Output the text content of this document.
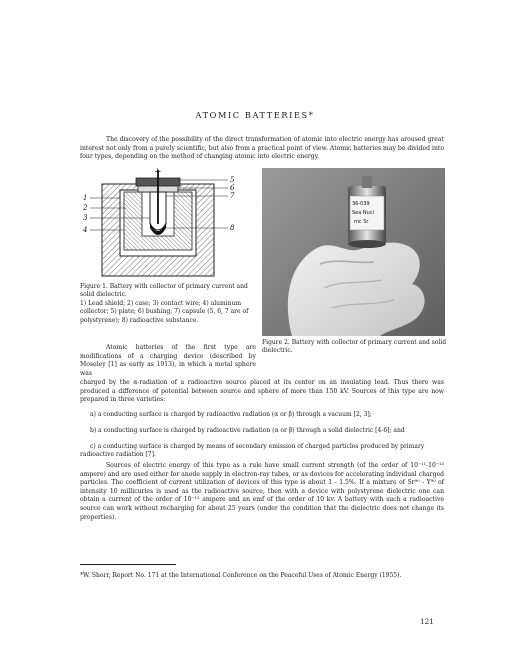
ATOMIC BATTERIES*
The discovery of the possibility of the direct transformation of atomic into electric energy has aroused great interest not only from a purely scientific, but also from a practical point of view. Atomic batteries may be divided into four types, depending on the method of changing atomic into electric energy.
+
1
2
3
4
5
6
7
8
Figure 1. Battery with collector of primary current and solid dielectric.
1) Lead shield; 2) case; 3) contact wire; 4) aluminum collector; 5) plate; 6) bushing; 7) capsule (5, 6, 7 are of polystyrene); 8) radioactive substance.
36-039
Sea Nucl
mc Sr
Figure 2. Battery with collector of primary current and solid dielectric.
Atomic batteries of the first type are modifications of a charging device (described by Moseley [1] as early as 1913), in which a metal sphere was
charged by the α-radiation of a radioactive source placed at its center on an insulating lead. Thus there was produced a difference of potential between source and sphere of more than 150 kV. Sources of this type are now prepared in three varieties:
a) a conducting surface is charged by radioactive radiation (α or β) through a vacuum [2, 3];
b) a conducting surface is charged by radioactive radiation (α or β) through a solid dielectric [4-6]; and
c) a conducting surface is charged by means of secondary emission of charged particles produced by primary radioactive radiation [7].
Sources of electric energy of this type as a rule have small current strength (of the order of 10⁻¹¹-10⁻¹³ ampere) and are used either for anode supply in electron-ray tubes, or as devices for accelerating individual charged particles. The coefficient of current utilization of devices of this type is about 1 - 1.5%. If a mixture of Sr⁹⁰ - Y⁹⁰ of intensity 10 millicuries is used as the radioactive source, then with a device with polystyrene dielectric one can obtain a current of the order of 10⁻¹² ampere and an emf of the order of 10 kv. A battery with such a radioactive source can work without recharging for about 25 years (under the condition that the dielectric does not change its properties).
*W. Shorr, Report No. 171 at the International Conference on the Peaceful Uses of Atomic Energy (1955).
121
